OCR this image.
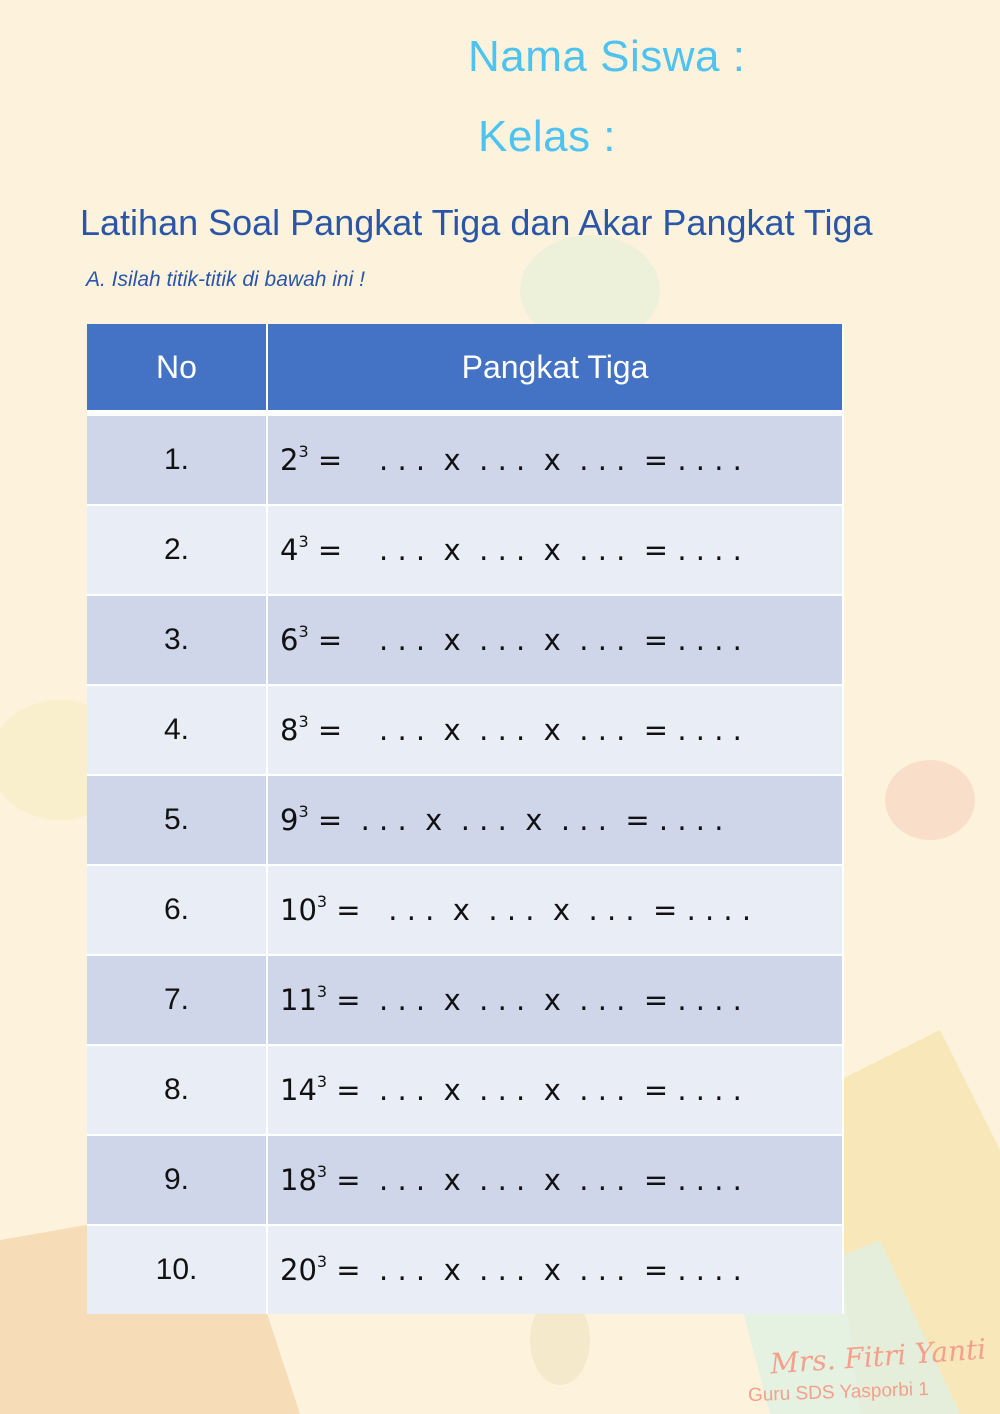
Nama Siswa :

Kelas :

Latihan Soal Pangkat Tiga dan Akar Pangkat Tiga

A. Isilah titik-titik di bawah ini !

No	Pangkat Tiga
1.	$2^3$ =    . . .  x  . . .  x  . . .  = . . . .
2.	$4^3$ =    . . .  x  . . .  x  . . .  = . . . .
3.	$6^3$ =    . . .  x  . . .  x  . . .  = . . . .
4.	$8^3$ =    . . .  x  . . .  x  . . .  = . . . .
5.	$9^3$ =  . . .  x  . . .  x  . . .  = . . . .
6.	$10^3$ =   . . .  x  . . .  x  . . .  = . . . .
7.	$11^3$ =  . . .  x  . . .  x  . . .  = . . . .
8.	$14^3$ =  . . .  x  . . .  x  . . .  = . . . .
9.	$18^3$ =  . . .  x  . . .  x  . . .  = . . . .
10.	$20^3$ =  . . .  x  . . .  x  . . .  = . . . .

Mrs. Fitri Yanti

Guru SDS Yasporbi 1
